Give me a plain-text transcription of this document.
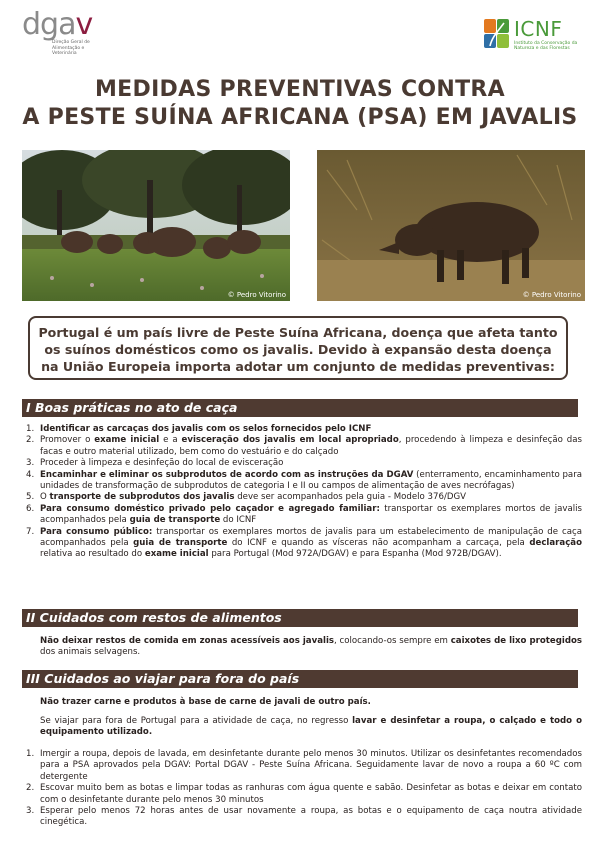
dgav
Direção Geral de Alimentação e Veterinária
ICNF
Instituto da Conservação da Natureza e das Florestas
MEDIDAS PREVENTIVAS CONTRA
A PESTE SUÍNA AFRICANA (PSA) EM JAVALIS
© Pedro Vitorino	© Pedro Vitorino
Portugal é um país livre de Peste Suína Africana, doença que afeta tanto os suínos domésticos como os javalis. Devido à expansão desta doença na União Europeia importa adotar um conjunto de medidas preventivas:
I Boas práticas no ato de caça
1. Identificar as carcaças dos javalis com os selos fornecidos pelo ICNF
2. Promover o exame inicial e a evisceração dos javalis em local apropriado, procedendo à limpeza e desinfeção das facas e outro material utilizado, bem como do vestuário e do calçado
3. Proceder à limpeza e desinfeção do local de evisceração
4. Encaminhar e eliminar os subprodutos de acordo com as instruções da DGAV (enterramento, encaminhamento para unidades de transformação de subprodutos de categoria I e II ou campos de alimentação de aves necrófagas)
5. O transporte de subprodutos dos javalis deve ser acompanhados pela guia - Modelo 376/DGV
6. Para consumo doméstico privado pelo caçador e agregado familiar: transportar os exemplares mortos de javalis acompanhados pela guia de transporte do ICNF
7. Para consumo público: transportar os exemplares mortos de javalis para um estabelecimento de manipulação de caça acompanhados pela guia de transporte do ICNF e quando as vísceras não acompanham a carcaça, pela declaração relativa ao resultado do exame inicial para Portugal (Mod 972A/DGAV) e para Espanha (Mod 972B/DGAV).
II Cuidados com restos de alimentos
Não deixar restos de comida em zonas acessíveis aos javalis, colocando-os sempre em caixotes de lixo protegidos dos animais selvagens.
III Cuidados ao viajar para fora do país
Não trazer carne e produtos à base de carne de javali de outro país.
Se viajar para fora de Portugal para a atividade de caça, no regresso lavar e desinfetar a roupa, o calçado e todo o equipamento utilizado.
1. Imergir a roupa, depois de lavada, em desinfetante durante pelo menos 30 minutos. Utilizar os desinfetantes recomendados para a PSA aprovados pela DGAV: Portal DGAV - Peste Suína Africana. Seguidamente lavar de novo a roupa a 60 ºC com detergente
2. Escovar muito bem as botas e limpar todas as ranhuras com água quente e sabão. Desinfetar as botas e deixar em contato com o desinfetante durante pelo menos 30 minutos
3. Esperar pelo menos 72 horas antes de usar novamente a roupa, as botas e o equipamento de caça noutra atividade cinegética.
